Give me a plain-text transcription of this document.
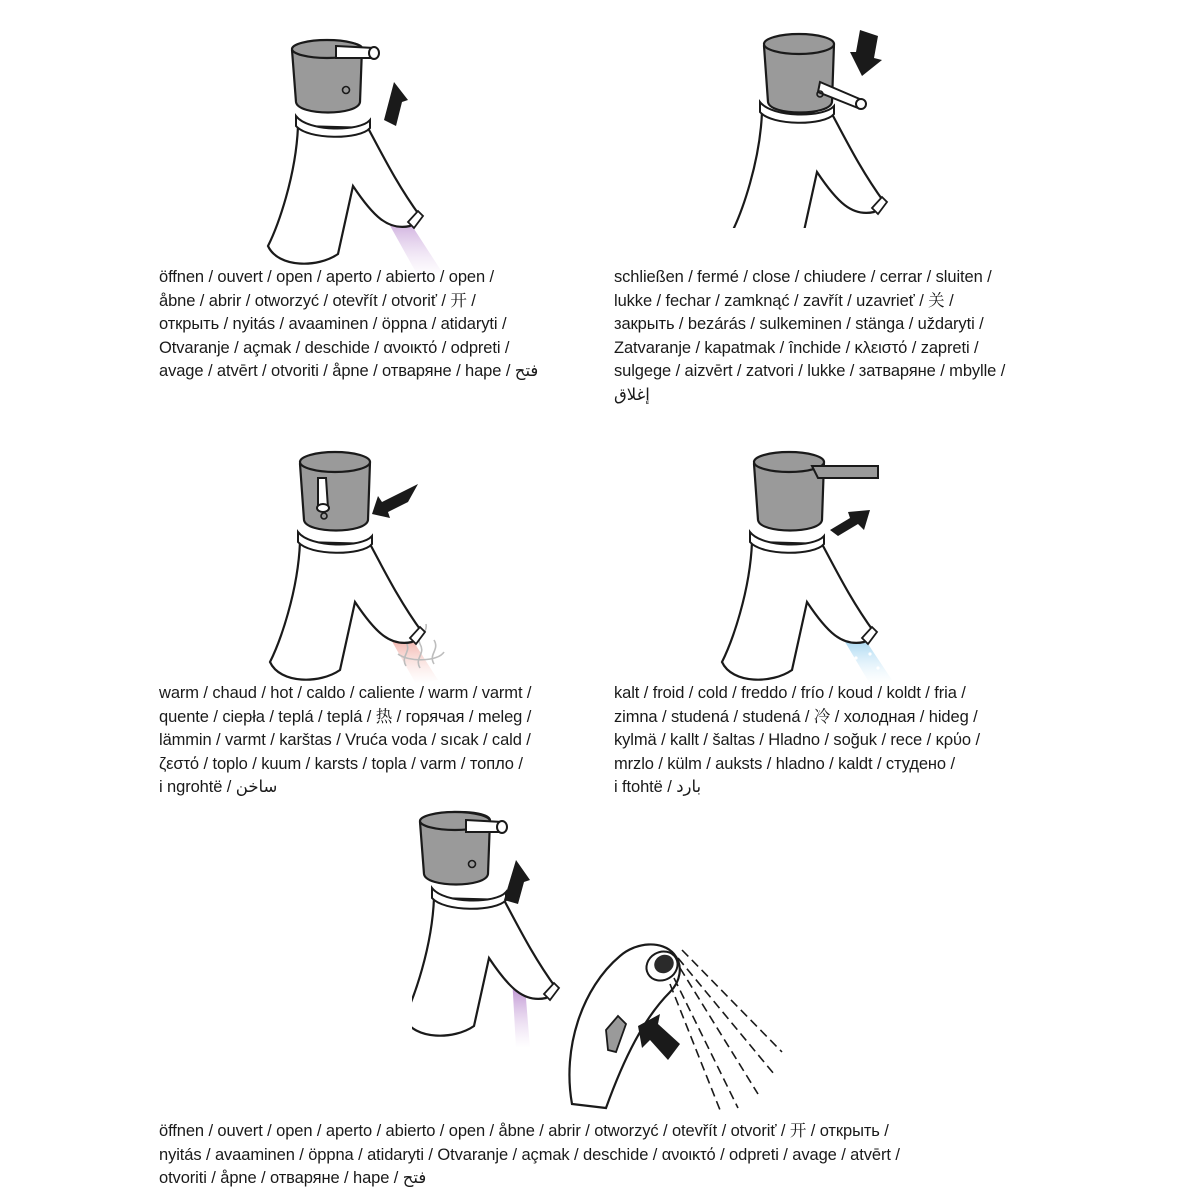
öffnen / ouvert / open / aperto / abierto / open /
åbne / abrir / otworzyć / otevřít / otvoriť / 开 /
открыть / nyitás / avaaminen / öppna / atidaryti /
Otvaranje / açmak / deschide / ανοικτό / odpreti /
avage / atvērt / otvoriti / åpne / отваряне / hape / فتح
schließen / fermé / close / chiudere / cerrar / sluiten /
lukke / fechar / zamknąć / zavřít / uzavrieť / 关 /
закрыть / bezárás / sulkeminen / stänga / uždaryti /
Zatvaranje / kapatmak / închide / κλειστό / zapreti /
sulgege / aizvērt / zatvori / lukke / затваряне / mbylle /
إغلاق
warm / chaud / hot / caldo / caliente / warm / varmt /
quente / ciepła / teplá / teplá / 热 / горячая / meleg /
lämmin / varmt / karštas / Vruća voda / sıcak / cald /
ζεστό / toplo / kuum / karsts / topla / varm / топло /
i ngrohtë / ساخن
kalt / froid / cold / freddo / frío / koud / koldt / fria /
zimna / studená / studená / 冷 / холодная / hideg /
kylmä / kallt / šaltas / Hladno / soğuk / rece / κρύο /
mrzlo / külm / auksts / hladno / kaldt / студено /
i ftohtë / بارد
öffnen / ouvert / open / aperto / abierto / open / åbne / abrir / otworzyć / otevřít / otvoriť / 开 / открыть /
nyitás / avaaminen / öppna / atidaryti / Otvaranje / açmak / deschide / ανοικτό / odpreti / avage / atvērt /
otvoriti / åpne / отваряне / hape / فتح
